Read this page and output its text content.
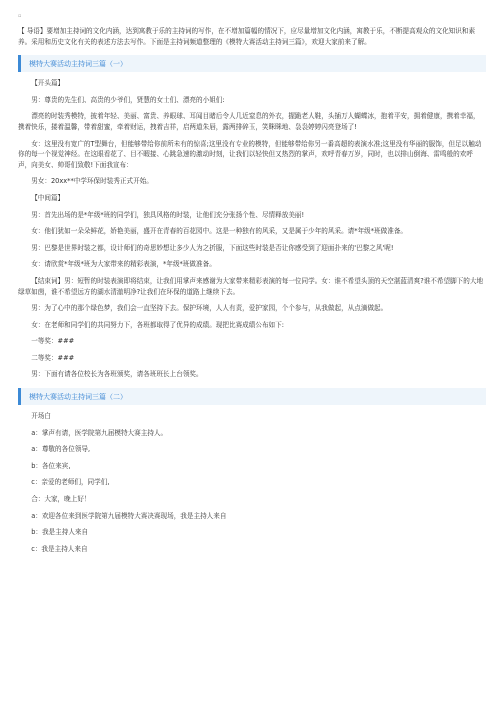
▫

【 导语】要增加主持词的文化内涵，达到寓教于乐的主持词的写作，在不增加篇幅的情况下，应尽量增加文化内涵，寓教于乐，不断提高观众的文化知识和素养。采用和历史文化有关的表述方法去写作。下面是主持词频道整理的《模特大赛活动主持词三篇》，欢迎大家前来了解。

模特大赛活动主持词三篇（一）

【开头篇】

男：尊贵的先生们、高贵的少爷们，贤慧的女士们、漂亮的小姐们:

漂亮的时装秀模特，披着年轻、美丽、富贵、养眼球、耳闻目睹后令人几近窒息的外衣，握跪老人鞋，头插万人蝴蝶冰，抱着平安，拥着健康，携着幸福，携着快乐，搂着温馨，带着甜蜜，牵着财运，拽着吉祥，启两道朱唇，露两排碎玉，笑眯眯地、袅袅婷婷闪亮登场了!

女：这里没有宽广的T型舞台，但能够带给你前所未有的惊喜;这里没有专业的模特，但能够带给你另一番高超的表演水准;这里没有华丽的服饰，但足以触动你的每一个视觉神经。在这眼看花了、目不暇接、心跳急速的激动时刻，让我们以轻快但又热烈的掌声，欢呼青春万岁，同时，也以排山倒海、雷鸣般的欢呼声，向美女、帅哥们致敬!下面我宣布：

男女：20xx**中学环保时装秀正式开始。

【中间篇】

男：首先出场的是*年级*班的同学们，独具风格的时装，让他们充分张扬个性、尽情释放美丽!

女：他们犹如一朵朵鲜花，娇艳美丽，盛开在青春的百花园中。这是一种独有的风采，又是属于少年的风采。请*年级*班做准备。

男：巴黎是世界时装之都，设计师们的奇思妙想让多少人为之折服，下面这些时装是否让你感受到了迎面扑来的'巴黎之风'呢!

女：请欣赏*年级*班为大家带来的精彩表演，*年级*班做准备。

【结束词】男：短暂的时装表演即将结束，让我们用掌声来感谢为大家带来精彩表演的每一位同学。女：谁不希望头顶的天空湛蓝清爽?谁不希望脚下的大地绿草如茵，谁不希望远方的湖水清澈明净?让我们在环保的道路上继续下去。

男：为了心中的那个绿色梦，我们会一直坚持下去。保护环境，人人有责，爱护家园，个个参与，从我做起，从点滴做起。

女：在老师和同学们的共同努力下，各班都取得了优异的成绩。现把比赛成绩公布如下:

一等奖：###

二等奖：###

男：下面有请各位校长为各班颁奖，请各班班长上台领奖。

模特大赛活动主持词三篇（二）

开场白

a：掌声有请，医学院第九届模特大赛主持人。

a：尊敬的各位领导,

b：各位来宾,

c：亲爱的老师们，同学们,

合：大家，晚上好！

a：欢迎各位来到医学院第九届模特大赛决赛现场，我是主持人来自

b：我是主持人来自

c：我是主持人来自
